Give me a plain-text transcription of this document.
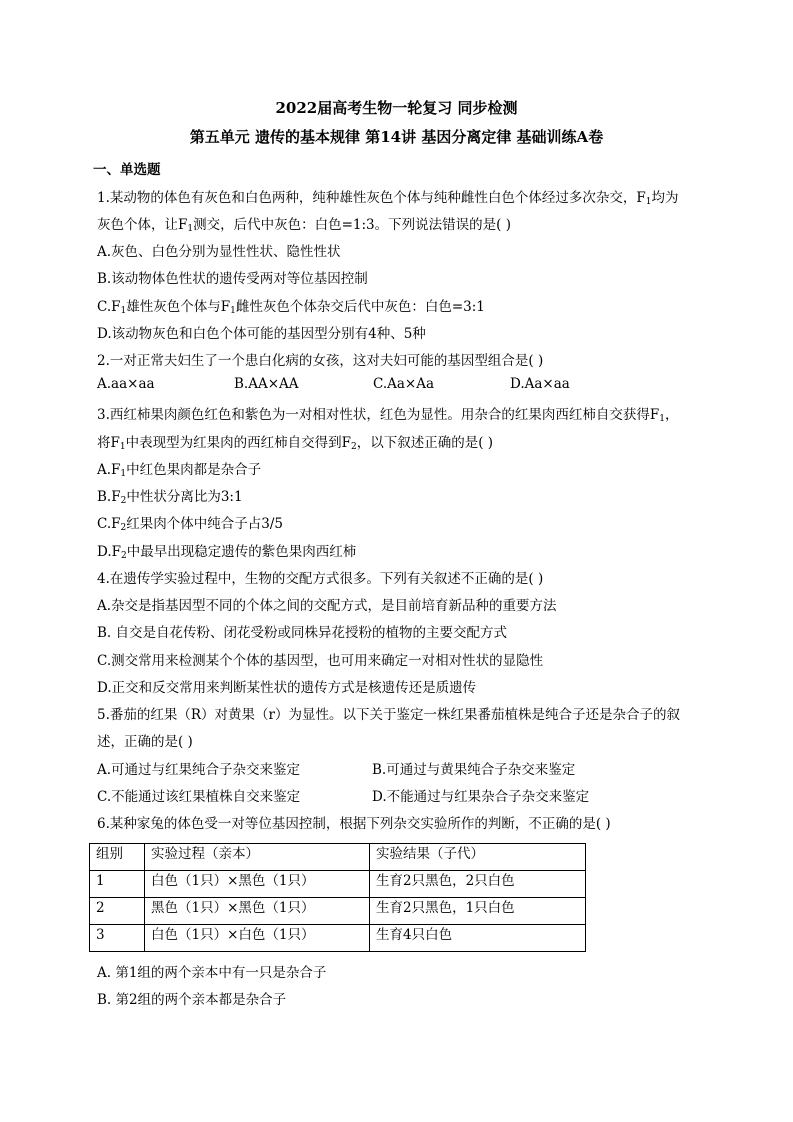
2022届高考生物一轮复习 同步检测
第五单元 遗传的基本规律 第14讲 基因分离定律 基础训练A卷
一、单选题
1.某动物的体色有灰色和白色两种，纯种雄性灰色个体与纯种雌性白色个体经过多次杂交，$F_1$均为
灰色个体，让$F_1$测交，后代中灰色：白色=1:3。下列说法错误的是( )
A.灰色、白色分别为显性性状、隐性性状
B.该动物体色性状的遗传受两对等位基因控制
$C.F_1$雄性灰色个体与$F_1$雌性灰色个体杂交后代中灰色：白色=3:1
D.该动物灰色和白色个体可能的基因型分别有4种、5种
2.一对正常夫妇生了一个患白化病的女孩，这对夫妇可能的基因型组合是( )
A.aa×aa	B.AA×AA	C.Aa×Aa	D.Aa×aa
3.西红柿果肉颜色红色和紫色为一对相对性状，红色为显性。用杂合的红果肉西红柿自交获得$F_1$，
将$F_1$中表现型为红果肉的西红柿自交得到$F_2$，以下叙述正确的是( )
$A.F_1$中红色果肉都是杂合子
$B.F_2$中性状分离比为3:1
$C.F_2$红果肉个体中纯合子占3/5
$D.F_2$中最早出现稳定遗传的紫色果肉西红柿
4.在遗传学实验过程中，生物的交配方式很多。下列有关叙述不正确的是( )
A.杂交是指基因型不同的个体之间的交配方式，是目前培育新品种的重要方法
B. 自交是自花传粉、闭花受粉或同株异花授粉的植物的主要交配方式
C.测交常用来检测某个个体的基因型，也可用来确定一对相对性状的显隐性
D.正交和反交常用来判断某性状的遗传方式是核遗传还是质遗传
5.番茄的红果（R）对黄果（r）为显性。以下关于鉴定一株红果番茄植株是纯合子还是杂合子的叙
述，正确的是( )
A.可通过与红果纯合子杂交来鉴定	B.可通过与黄果纯合子杂交来鉴定
C.不能通过该红果植株自交来鉴定	D.不能通过与红果杂合子杂交来鉴定
6.某种家兔的体色受一对等位基因控制，根据下列杂交实验所作的判断，不正确的是( )
组别	实验过程（亲本）	实验结果（子代）
1	白色（1只）×黑色（1只）	生育2只黑色，2只白色
2	黑色（1只）×黑色（1只）	生育2只黑色，1只白色
3	白色（1只）×白色（1只）	生育4只白色
A. 第1组的两个亲本中有一只是杂合子
B. 第2组的两个亲本都是杂合子
